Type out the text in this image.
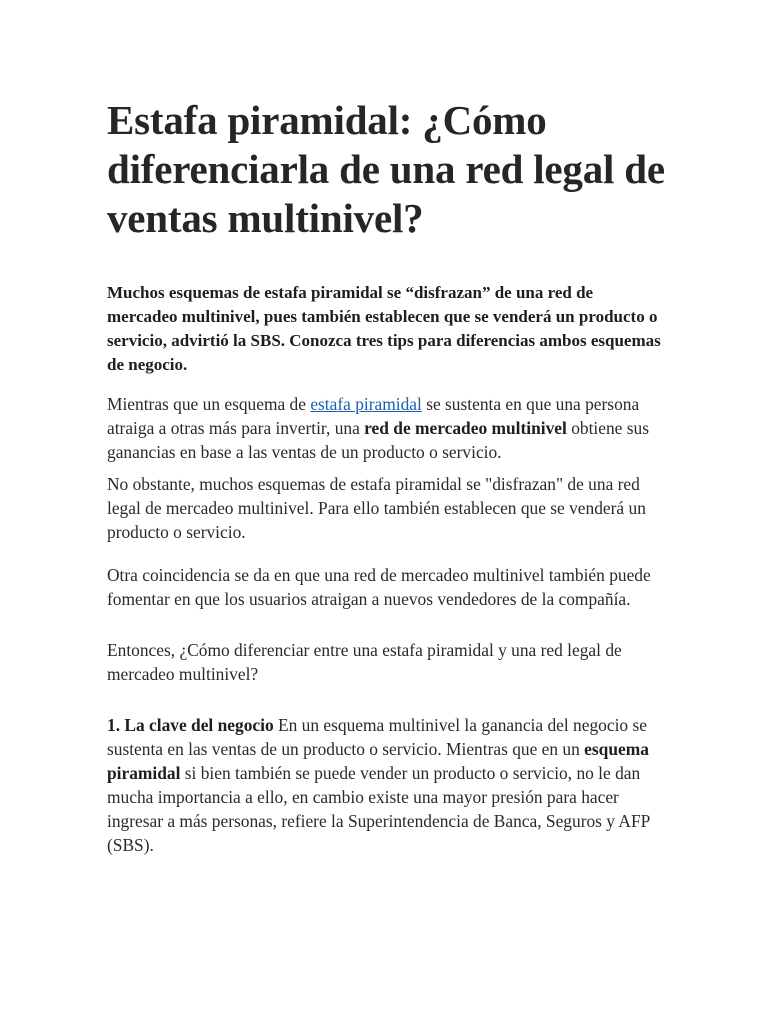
Estafa piramidal: ¿Cómo diferenciarla de una red legal de ventas multinivel?

Muchos esquemas de estafa piramidal se “disfrazan” de una red de mercadeo multinivel, pues también establecen que se venderá un producto o servicio, advirtió la SBS. Conozca tres tips para diferencias ambos esquemas de negocio.

Mientras que un esquema de estafa piramidal se sustenta en que una persona atraiga a otras más para invertir, una red de mercadeo multinivel obtiene sus ganancias en base a las ventas de un producto o servicio.

No obstante, muchos esquemas de estafa piramidal se "disfrazan" de una red legal de mercadeo multinivel. Para ello también establecen que se venderá un producto o servicio.

Otra coincidencia se da en que una red de mercadeo multinivel también puede fomentar en que los usuarios atraigan a nuevos vendedores de la compañía.

Entonces, ¿Cómo diferenciar entre una estafa piramidal y una red legal de mercadeo multinivel?

1. La clave del negocio En un esquema multinivel la ganancia del negocio se sustenta en las ventas de un producto o servicio. Mientras que en un esquema piramidal si bien también se puede vender un producto o servicio, no le dan mucha importancia a ello, en cambio existe una mayor presión para hacer ingresar a más personas, refiere la Superintendencia de Banca, Seguros y AFP (SBS).
